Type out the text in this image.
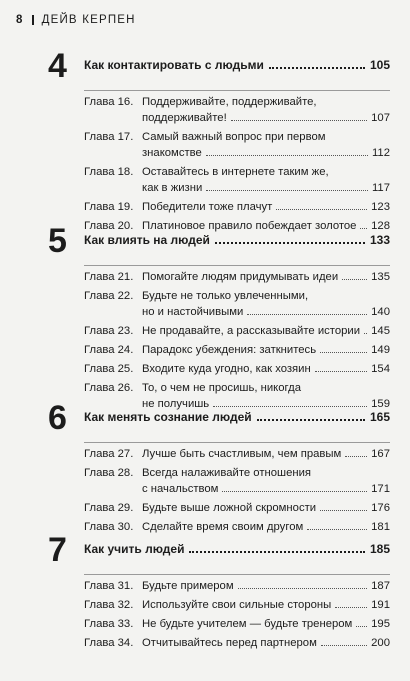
8 ДЕЙВ КЕРПЕН
4 Как контактировать с людьми	105
Глава 16. Поддерживайте, поддерживайте,
поддерживайте!	107
Глава 17. Самый важный вопрос при первом
знакомстве	112
Глава 18. Оставайтесь в интернете таким же,
как в жизни	117
Глава 19. Победители тоже плачут	123
Глава 20. Платиновое правило побеждает золотое 128
5 Как влиять на людей	133
Глава 21. Помогайте людям придумывать идеи	135
Глава 22. Будьте не только увлеченными,
но и настойчивыми	140
Глава 23. Не продавайте, а рассказывайте истории 145
Глава 24. Парадокс убеждения: заткнитесь	149
Глава 25. Входите куда угодно, как хозяин	154
Глава 26. То, о чем не просишь, никогда
не получишь	159
6 Как менять сознание людей	165
Глава 27. Лучше быть счастливым, чем правым	167
Глава 28. Всегда налаживайте отношения
с начальством	171
Глава 29. Будьте выше ложной скромности	176
Глава 30. Сделайте время своим другом	181
7 Как учить людей	185
Глава 31. Будьте примером	187
Глава 32. Используйте свои сильные стороны	191
Глава 33. Не будьте учителем — будьте тренером 195
Глава 34. Отчитывайтесь перед партнером	200
